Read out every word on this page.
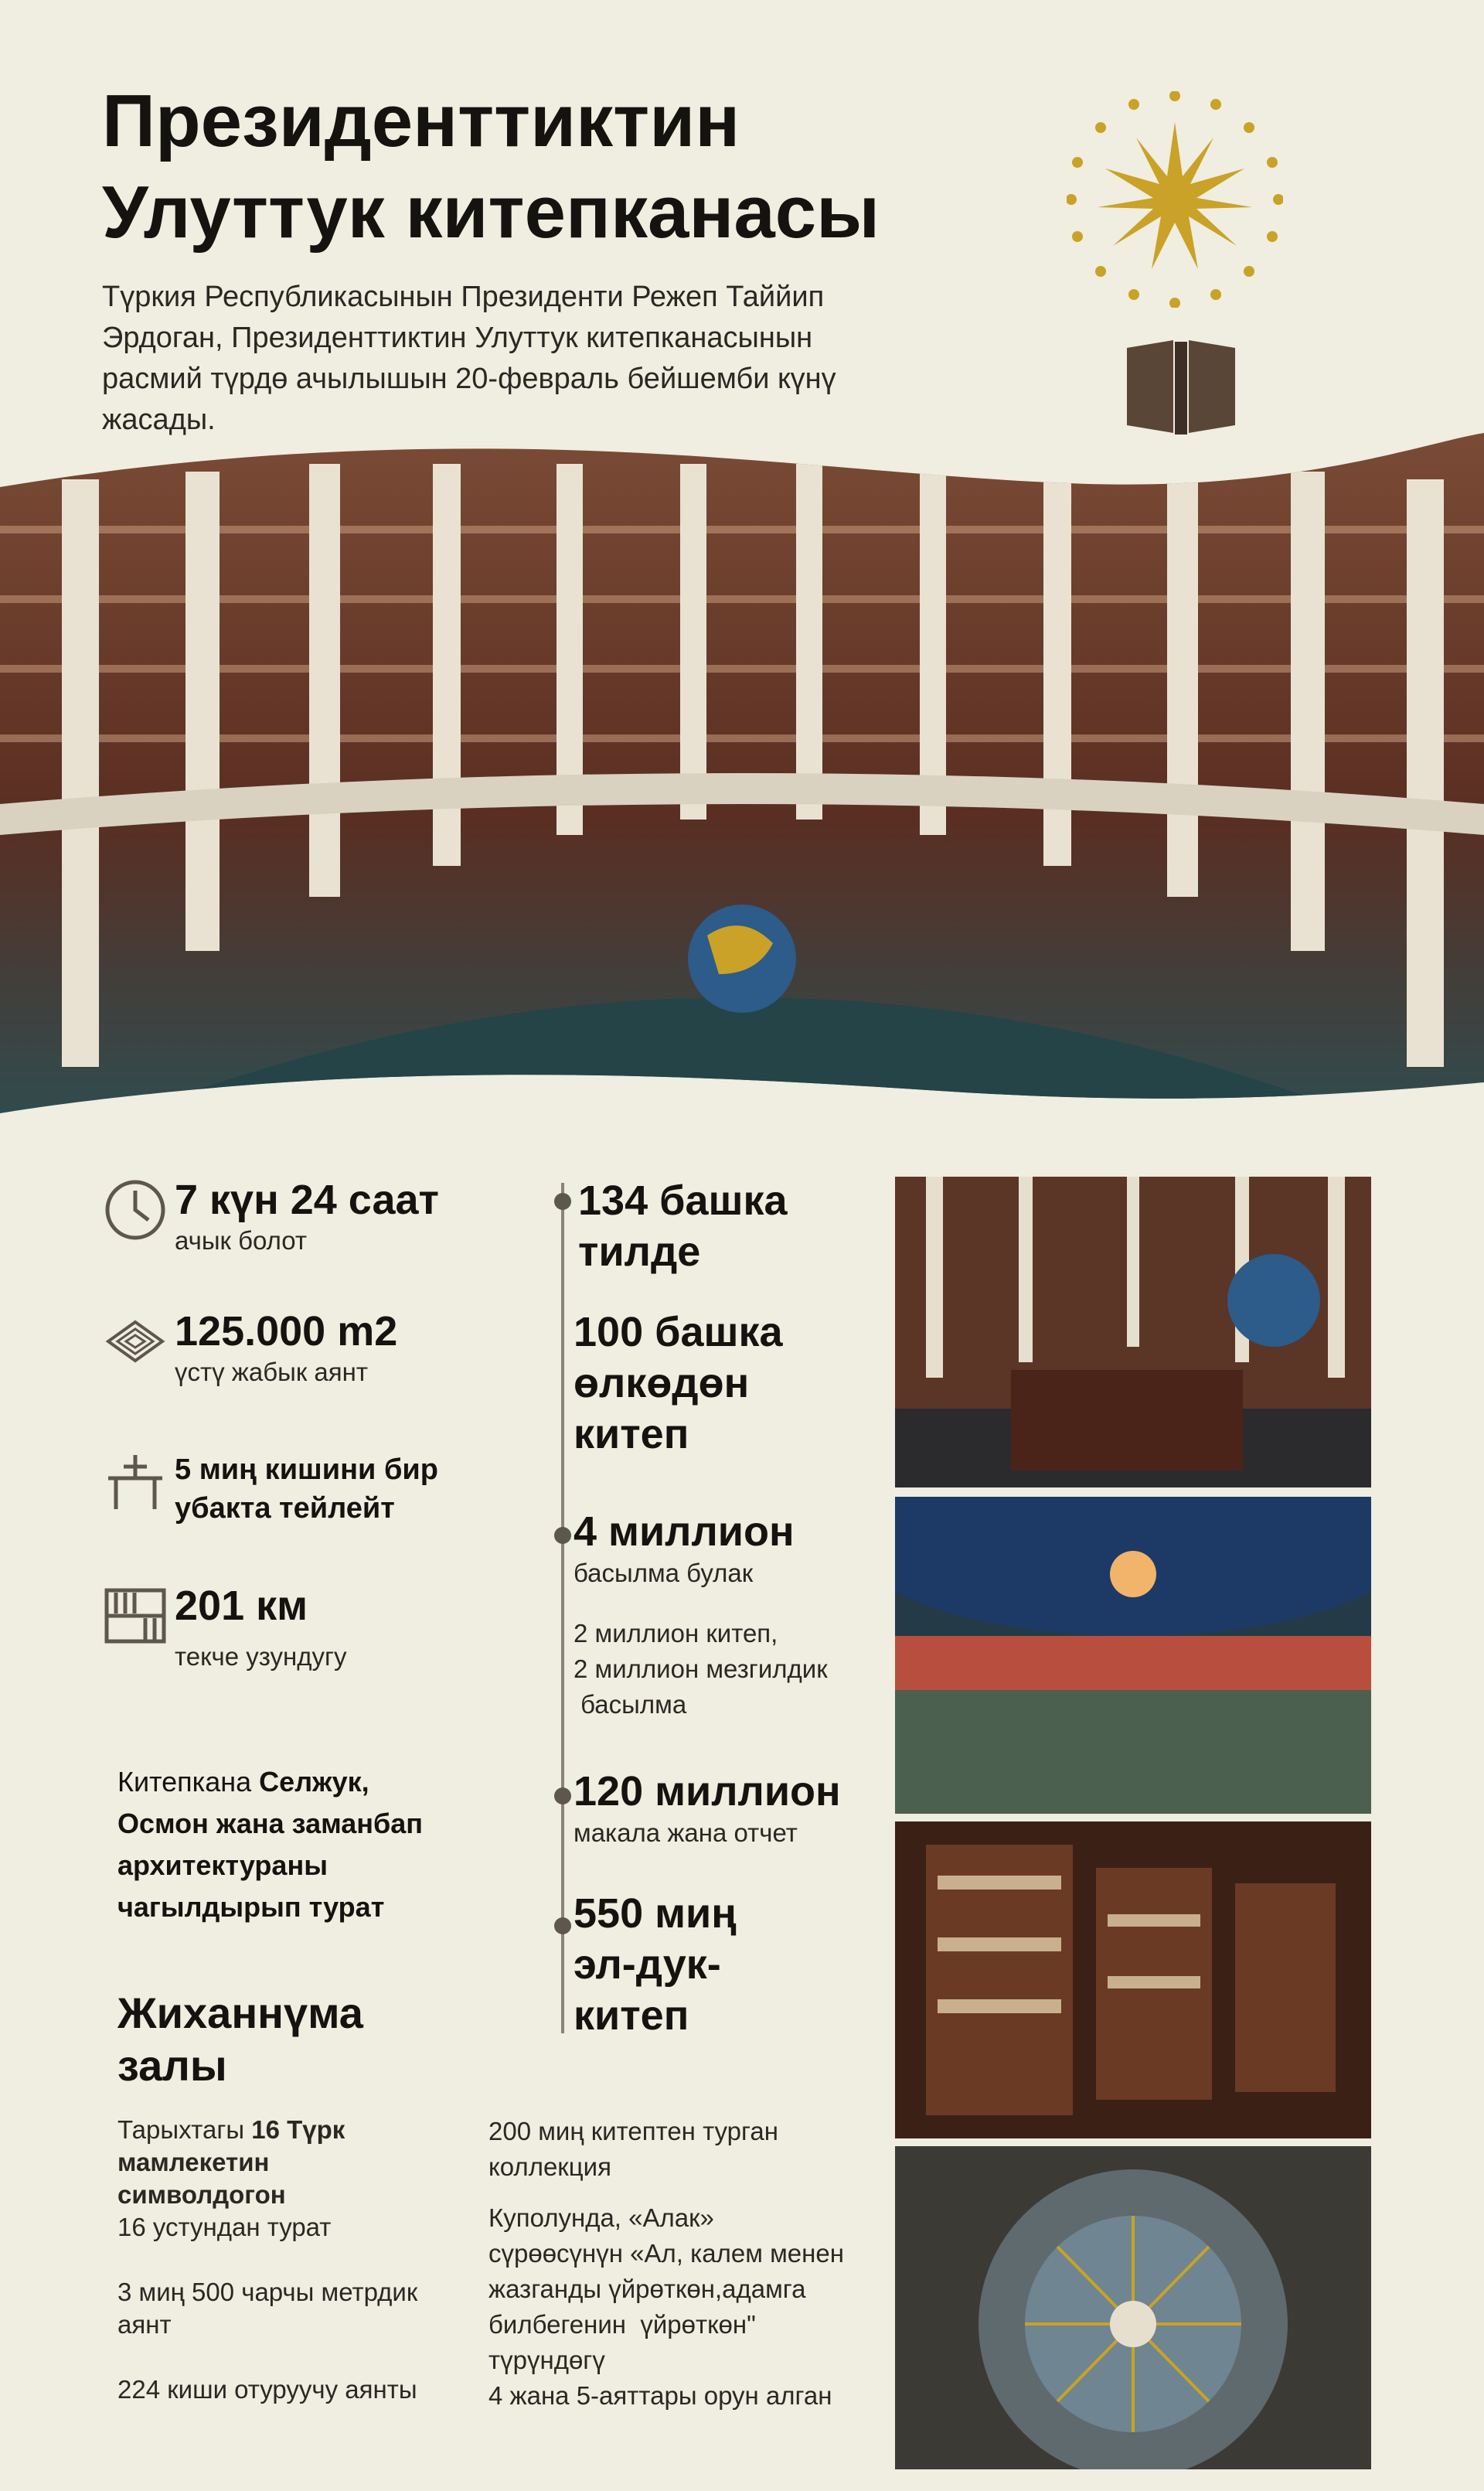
Президенттиктин
Улуттук китепканасы
Түркия Республикасынын Президенти Режеп Таййип Эрдоган, Президенттиктин Улуттук китепканасынын расмий түрдө ачылышын 20-февраль бейшемби күнү жасады.
7 күн 24 саат
ачык болот
125.000 m2
үстү жабык аянт
5 миң кишини бир
убакта тейлейт
201 км
текче узундугу
Китепкана Селжук,
Осмон жана заманбап
архитектураны
чагылдырып турат
134 башка
тилде
100 башка
өлкөдөн
китеп
4 миллион
басылма булак
2 миллион китеп,
2 миллион мезгилдик
басылма
120 миллион
макала жана отчет
550 миң
эл-дук-
китеп
Жиханнүма
залы
Тарыхтагы 16 Түрк
мамлекетин
символдогон
16 устундан турат
3 миң 500 чарчы метрдик
аянт
224 киши отуруучу аянты
200 миң китептен турган
коллекция
Куполунда, «Алак»
сүрөөсүнүн «Ал, калем менен
жазганды үйрөткөн,адамга
билбегенин  үйрөткөн"
түрүндөгү
4 жана 5-аяттары орун алган
